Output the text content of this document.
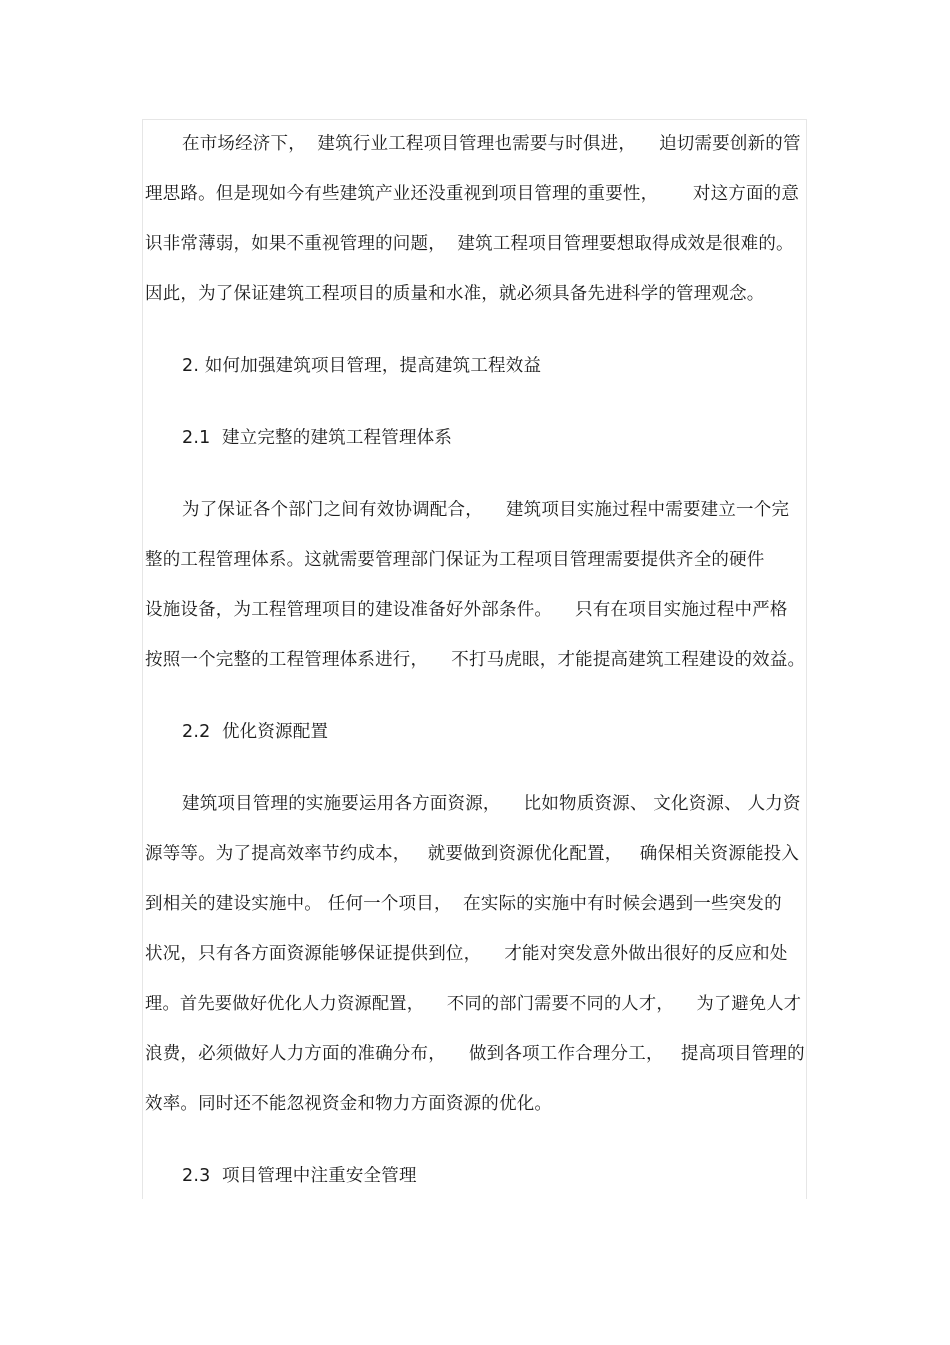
在市场经济下，  建筑行业工程项目管理也需要与时俱进，    迫切需要创新的管
理思路。但是现如今有些建筑产业还没重视到项目管理的重要性，      对这方面的意
识非常薄弱，如果不重视管理的问题，  建筑工程项目管理要想取得成效是很难的。
因此，为了保证建筑工程项目的质量和水准，就必须具备先进科学的管理观念。
2. 如何加强建筑项目管理，提高建筑工程效益
2.1  建立完整的建筑工程管理体系
为了保证各个部门之间有效协调配合，    建筑项目实施过程中需要建立一个完
整的工程管理体系。这就需要管理部门保证为工程项目管理需要提供齐全的硬件
设施设备，为工程管理项目的建设准备好外部条件。    只有在项目实施过程中严格
按照一个完整的工程管理体系进行，    不打马虎眼，才能提高建筑工程建设的效益。
2.2  优化资源配置
建筑项目管理的实施要运用各方面资源，    比如物质资源、 文化资源、 人力资
源等等。为了提高效率节约成本，   就要做到资源优化配置，   确保相关资源能投入
到相关的建设实施中。 任何一个项目，  在实际的实施中有时候会遇到一些突发的
状况，只有各方面资源能够保证提供到位，    才能对突发意外做出很好的反应和处
理。首先要做好优化人力资源配置，    不同的部门需要不同的人才，    为了避免人才
浪费，必须做好人力方面的准确分布，    做到各项工作合理分工，   提高项目管理的
效率。同时还不能忽视资金和物力方面资源的优化。
2.3  项目管理中注重安全管理
